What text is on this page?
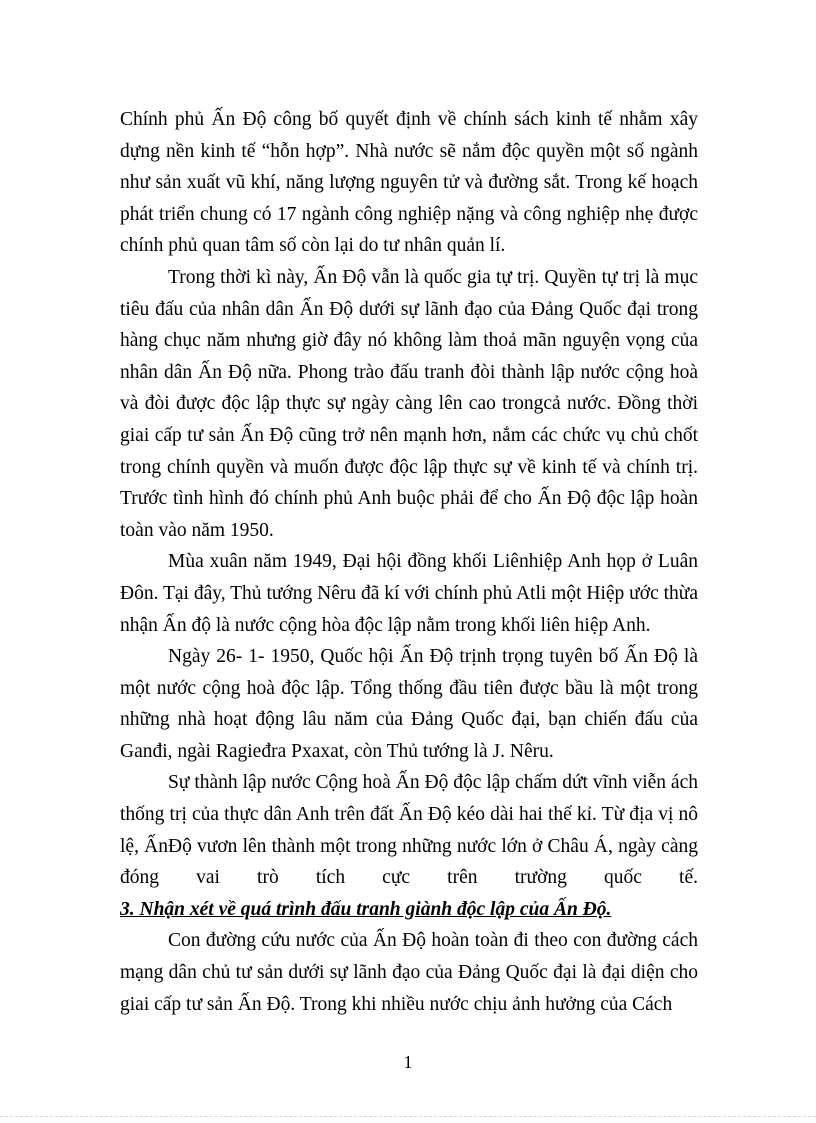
Chính phủ Ấn Độ công bố quyết định về chính sách kinh tế nhằm xây dựng nền kinh tế “hỗn hợp”. Nhà nước sẽ nắm độc quyền một số ngành như sản xuất vũ khí, năng lượng nguyên tử và đường sắt. Trong kế hoạch phát triển chung có 17 ngành công nghiệp nặng và công nghiệp nhẹ được chính phủ quan tâm số còn lại do tư nhân quản lí.

Trong thời kì này, Ấn Độ vẫn là quốc gia tự trị. Quyền tự trị là mục tiêu đấu của nhân dân Ấn Độ dưới sự lãnh đạo của Đảng Quốc đại trong hàng chục năm nhưng giờ đây nó không làm thoả mãn nguyện vọng của nhân dân Ấn Độ nữa. Phong trào đấu tranh đòi thành lập nước cộng hoà và đòi được độc lập thực sự ngày càng lên cao trongcả nước. Đồng thời giai cấp tư sản Ấn Độ cũng trở nên mạnh hơn, nắm các chức vụ chủ chốt trong chính quyền và muốn được độc lập thực sự về kinh tế và chính trị. Trước tình hình đó chính phủ Anh buộc phải để cho Ấn Độ độc lập hoàn toàn vào năm 1950.

Mùa xuân năm 1949, Đại hội đồng khối Liênhiệp Anh họp ở Luân Đôn. Tại đây, Thủ tướng Nêru đã kí với chính phủ Atli một Hiệp ước thừa nhận Ấn độ là nước cộng hòa độc lập nằm trong khối liên hiệp Anh.

Ngày 26- 1- 1950, Quốc hội Ấn Độ trịnh trọng tuyên bố Ấn Độ là một nước cộng hoà độc lập. Tổng thống đầu tiên được bầu là một trong những nhà hoạt động lâu năm của Đảng Quốc đại, bạn chiến đấu của Ganđi, ngài Ragieđra Pxaxat, còn Thủ tướng là J. Nêru.

Sự thành lập nước Cộng hoà Ấn Độ độc lập chấm dứt vĩnh viễn ách thống trị của thực dân Anh trên đất Ấn Độ kéo dài hai thế kỉ. Từ địa vị nô lệ, ẤnĐộ vươn lên thành một trong những nước lớn ở Châu Á, ngày càng đóng vai trò tích cực trên trường quốc tế.

3. Nhận xét về quá trình đấu tranh giành độc lập của Ấn Độ.

Con đường cứu nước của Ấn Độ hoàn toàn đi theo con đường cách mạng dân chủ tư sản dưới sự lãnh đạo của Đảng Quốc đại là đại diện cho giai cấp tư sản Ấn Độ. Trong khi nhiều nước chịu ảnh hưởng của Cách

1
